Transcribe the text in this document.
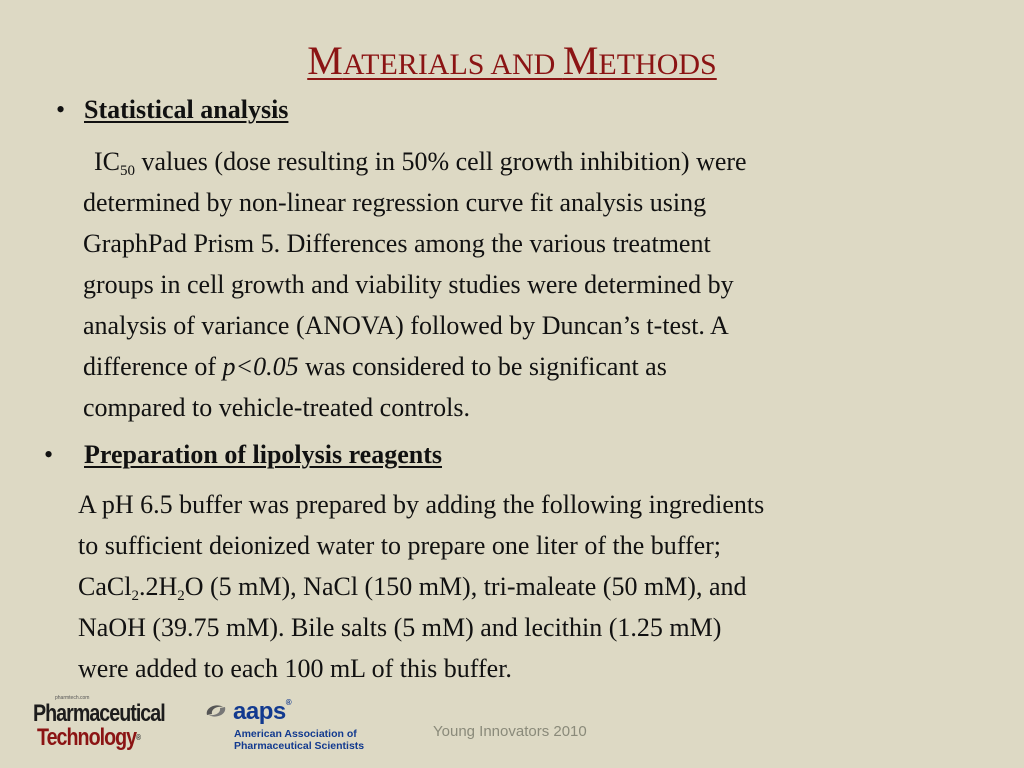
MATERIALS AND METHODS
• Statistical analysis
$IC_{50}$ values (dose resulting in 50% cell growth inhibition) were
determined by non-linear regression curve fit analysis using
GraphPad Prism 5. Differences among the various treatment
groups in cell growth and viability studies were determined by
analysis of variance (ANOVA) followed by Duncan’s t-test. A
difference of p<0.05 was considered to be significant as
compared to vehicle-treated controls.
• Preparation of lipolysis reagents
A pH 6.5 buffer was prepared by adding the following ingredients
to sufficient deionized water to prepare one liter of the buffer;
$CaCl_2.2H_2O$ (5 mM), NaCl (150 mM), tri-maleate (50 mM), and
NaOH (39.75 mM). Bile salts (5 mM) and lecithin (1.25 mM)
were added to each 100 mL of this buffer.
pharmtech.com
Pharmaceutical
Technology®
aaps®
American Association of
Pharmaceutical Scientists
Young Innovators 2010
